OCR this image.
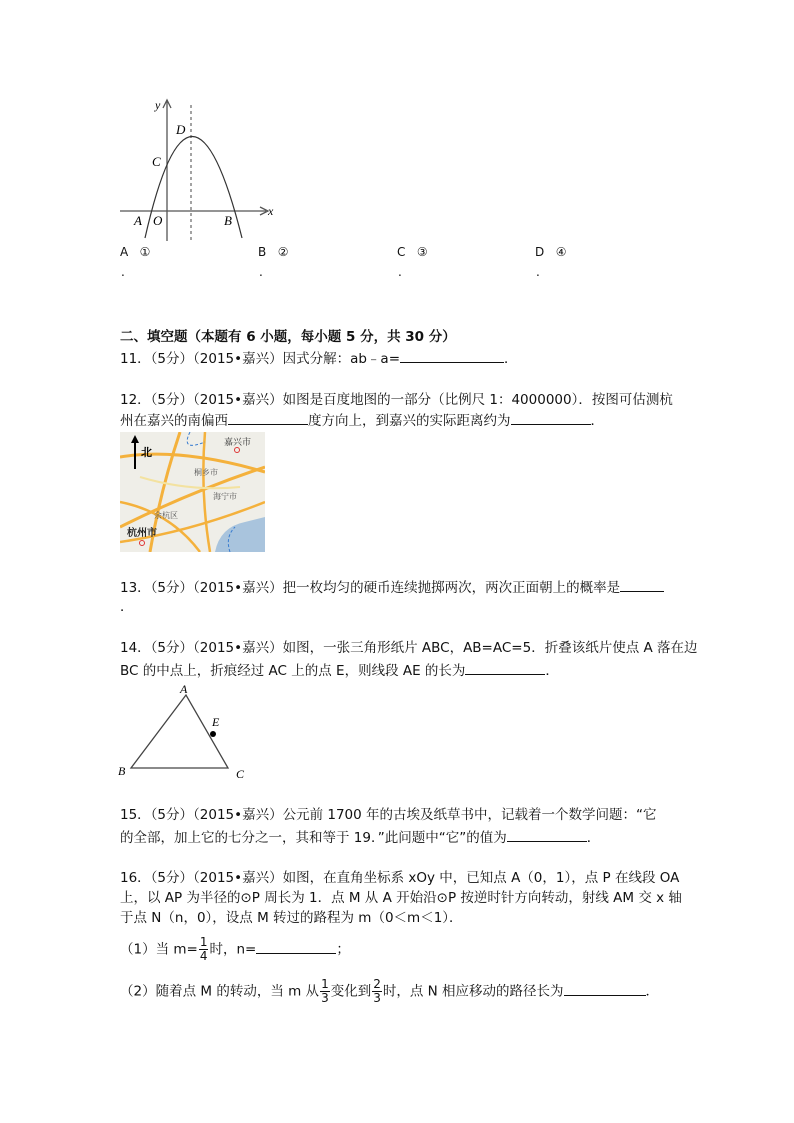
y
x
D
C
A O	B
A ①	B ②	C ③	D ④
.	.	.	.
二、填空题（本题有 6 小题，每小题 5 分，共 30 分）
11．（5分）（2015•嘉兴）因式分解：ab﹣a=	．
12．（5分）（2015•嘉兴）如图是百度地图的一部分（比例尺 1：4000000）．按图可估测杭
州在嘉兴的南偏西	度方向上，到嘉兴的实际距离约为	．
北
嘉兴市
桐乡市
海宁市
余杭区
杭州市
13．（5分）（2015•嘉兴）把一枚均匀的硬币连续抛掷两次，两次正面朝上的概率是
．
14．（5分）（2015•嘉兴）如图，一张三角形纸片 ABC，AB=AC=5．折叠该纸片使点 A 落在边
BC 的中点上，折痕经过 AC 上的点 E，则线段 AE 的长为	．
A
B	C
E
15．（5分）（2015•嘉兴）公元前 1700 年的古埃及纸草书中，记载着一个数学问题：“它
的全部，加上它的七分之一，其和等于 19．”此问题中“它”的值为	．
16．（5分）（2015•嘉兴）如图，在直角坐标系 xOy 中，已知点 A（0，1），点 P 在线段 OA
上，以 AP 为半径的⊙P 周长为 1．点 M 从 A 开始沿⊙P 按逆时针方向转动，射线 AM 交 x 轴
于点 N（n，0），设点 M 转过的路程为 m（0＜m＜1）．
（1）当 $m= \frac{1}{4}$ 时，n=	；
（2）随着点 M 的转动，当 m 从 $\frac{1}{3}$ 变化到 $\frac{2}{3}$ 时，点 N 相应移动的路径长为	．
